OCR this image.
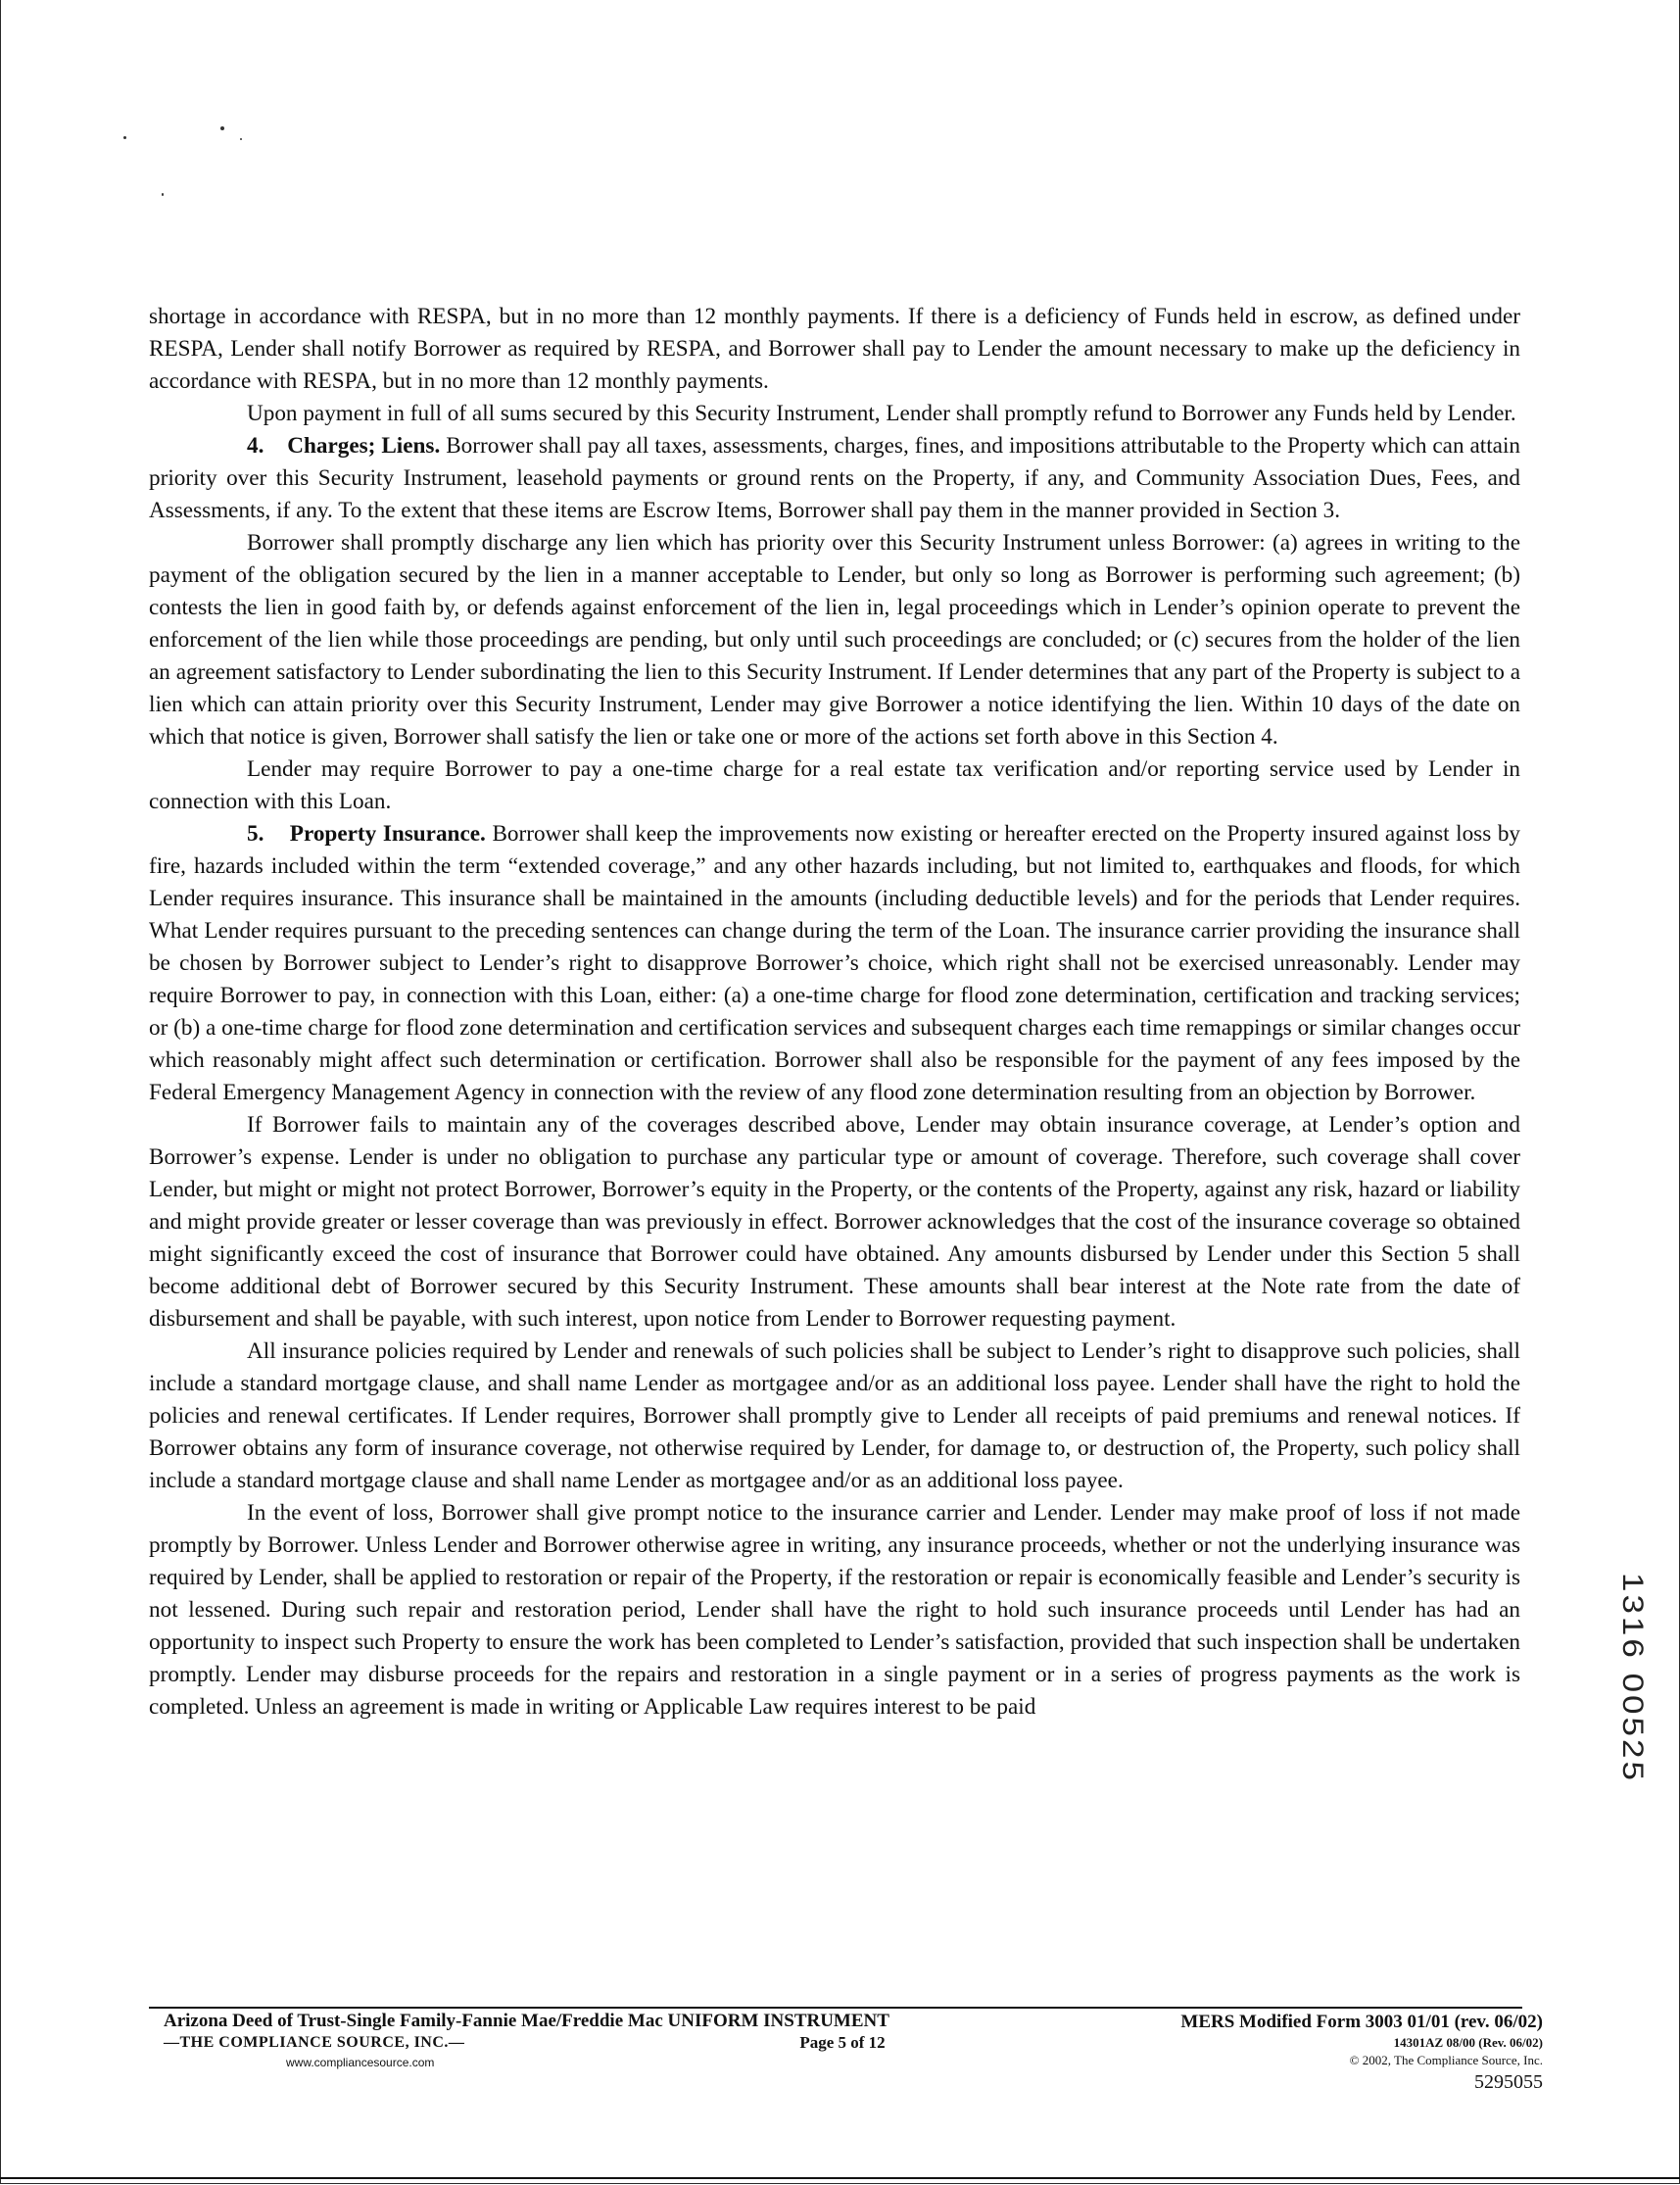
shortage in accordance with RESPA, but in no more than 12 monthly payments. If there is a deficiency of Funds held in escrow, as defined under RESPA, Lender shall notify Borrower as required by RESPA, and Borrower shall pay to Lender the amount necessary to make up the deficiency in accordance with RESPA, but in no more than 12 monthly payments.

Upon payment in full of all sums secured by this Security Instrument, Lender shall promptly refund to Borrower any Funds held by Lender.

4. Charges; Liens. Borrower shall pay all taxes, assessments, charges, fines, and impositions attributable to the Property which can attain priority over this Security Instrument, leasehold payments or ground rents on the Property, if any, and Community Association Dues, Fees, and Assessments, if any. To the extent that these items are Escrow Items, Borrower shall pay them in the manner provided in Section 3.

Borrower shall promptly discharge any lien which has priority over this Security Instrument unless Borrower: (a) agrees in writing to the payment of the obligation secured by the lien in a manner acceptable to Lender, but only so long as Borrower is performing such agreement; (b) contests the lien in good faith by, or defends against enforcement of the lien in, legal proceedings which in Lender’s opinion operate to prevent the enforcement of the lien while those proceedings are pending, but only until such proceedings are concluded; or (c) secures from the holder of the lien an agreement satisfactory to Lender subordinating the lien to this Security Instrument. If Lender determines that any part of the Property is subject to a lien which can attain priority over this Security Instrument, Lender may give Borrower a notice identifying the lien. Within 10 days of the date on which that notice is given, Borrower shall satisfy the lien or take one or more of the actions set forth above in this Section 4.

Lender may require Borrower to pay a one-time charge for a real estate tax verification and/or reporting service used by Lender in connection with this Loan.

5. Property Insurance. Borrower shall keep the improvements now existing or hereafter erected on the Property insured against loss by fire, hazards included within the term “extended coverage,” and any other hazards including, but not limited to, earthquakes and floods, for which Lender requires insurance. This insurance shall be maintained in the amounts (including deductible levels) and for the periods that Lender requires. What Lender requires pursuant to the preceding sentences can change during the term of the Loan. The insurance carrier providing the insurance shall be chosen by Borrower subject to Lender’s right to disapprove Borrower’s choice, which right shall not be exercised unreasonably. Lender may require Borrower to pay, in connection with this Loan, either: (a) a one-time charge for flood zone determination, certification and tracking services; or (b) a one-time charge for flood zone determination and certification services and subsequent charges each time remappings or similar changes occur which reasonably might affect such determination or certification. Borrower shall also be responsible for the payment of any fees imposed by the Federal Emergency Management Agency in connection with the review of any flood zone determination resulting from an objection by Borrower.

If Borrower fails to maintain any of the coverages described above, Lender may obtain insurance coverage, at Lender’s option and Borrower’s expense. Lender is under no obligation to purchase any particular type or amount of coverage. Therefore, such coverage shall cover Lender, but might or might not protect Borrower, Borrower’s equity in the Property, or the contents of the Property, against any risk, hazard or liability and might provide greater or lesser coverage than was previously in effect. Borrower acknowledges that the cost of the insurance coverage so obtained might significantly exceed the cost of insurance that Borrower could have obtained. Any amounts disbursed by Lender under this Section 5 shall become additional debt of Borrower secured by this Security Instrument. These amounts shall bear interest at the Note rate from the date of disbursement and shall be payable, with such interest, upon notice from Lender to Borrower requesting payment.

All insurance policies required by Lender and renewals of such policies shall be subject to Lender’s right to disapprove such policies, shall include a standard mortgage clause, and shall name Lender as mortgagee and/or as an additional loss payee. Lender shall have the right to hold the policies and renewal certificates. If Lender requires, Borrower shall promptly give to Lender all receipts of paid premiums and renewal notices. If Borrower obtains any form of insurance coverage, not otherwise required by Lender, for damage to, or destruction of, the Property, such policy shall include a standard mortgage clause and shall name Lender as mortgagee and/or as an additional loss payee.

In the event of loss, Borrower shall give prompt notice to the insurance carrier and Lender. Lender may make proof of loss if not made promptly by Borrower. Unless Lender and Borrower otherwise agree in writing, any insurance proceeds, whether or not the underlying insurance was required by Lender, shall be applied to restoration or repair of the Property, if the restoration or repair is economically feasible and Lender’s security is not lessened. During such repair and restoration period, Lender shall have the right to hold such insurance proceeds until Lender has had an opportunity to inspect such Property to ensure the work has been completed to Lender’s satisfaction, provided that such inspection shall be undertaken promptly. Lender may disburse proceeds for the repairs and restoration in a single payment or in a series of progress payments as the work is completed. Unless an agreement is made in writing or Applicable Law requires interest to be paid	1316 00525
Arizona Deed of Trust-Single Family-Fannie Mae/Freddie Mac UNIFORM INSTRUMENT
—THE COMPLIANCE SOURCE, INC.—
www.compliancesource.com
Page 5 of 12
MERS Modified Form 3003 01/01 (rev. 06/02)
14301AZ 08/00 (Rev. 06/02)
© 2002, The Compliance Source, Inc.
5295055
